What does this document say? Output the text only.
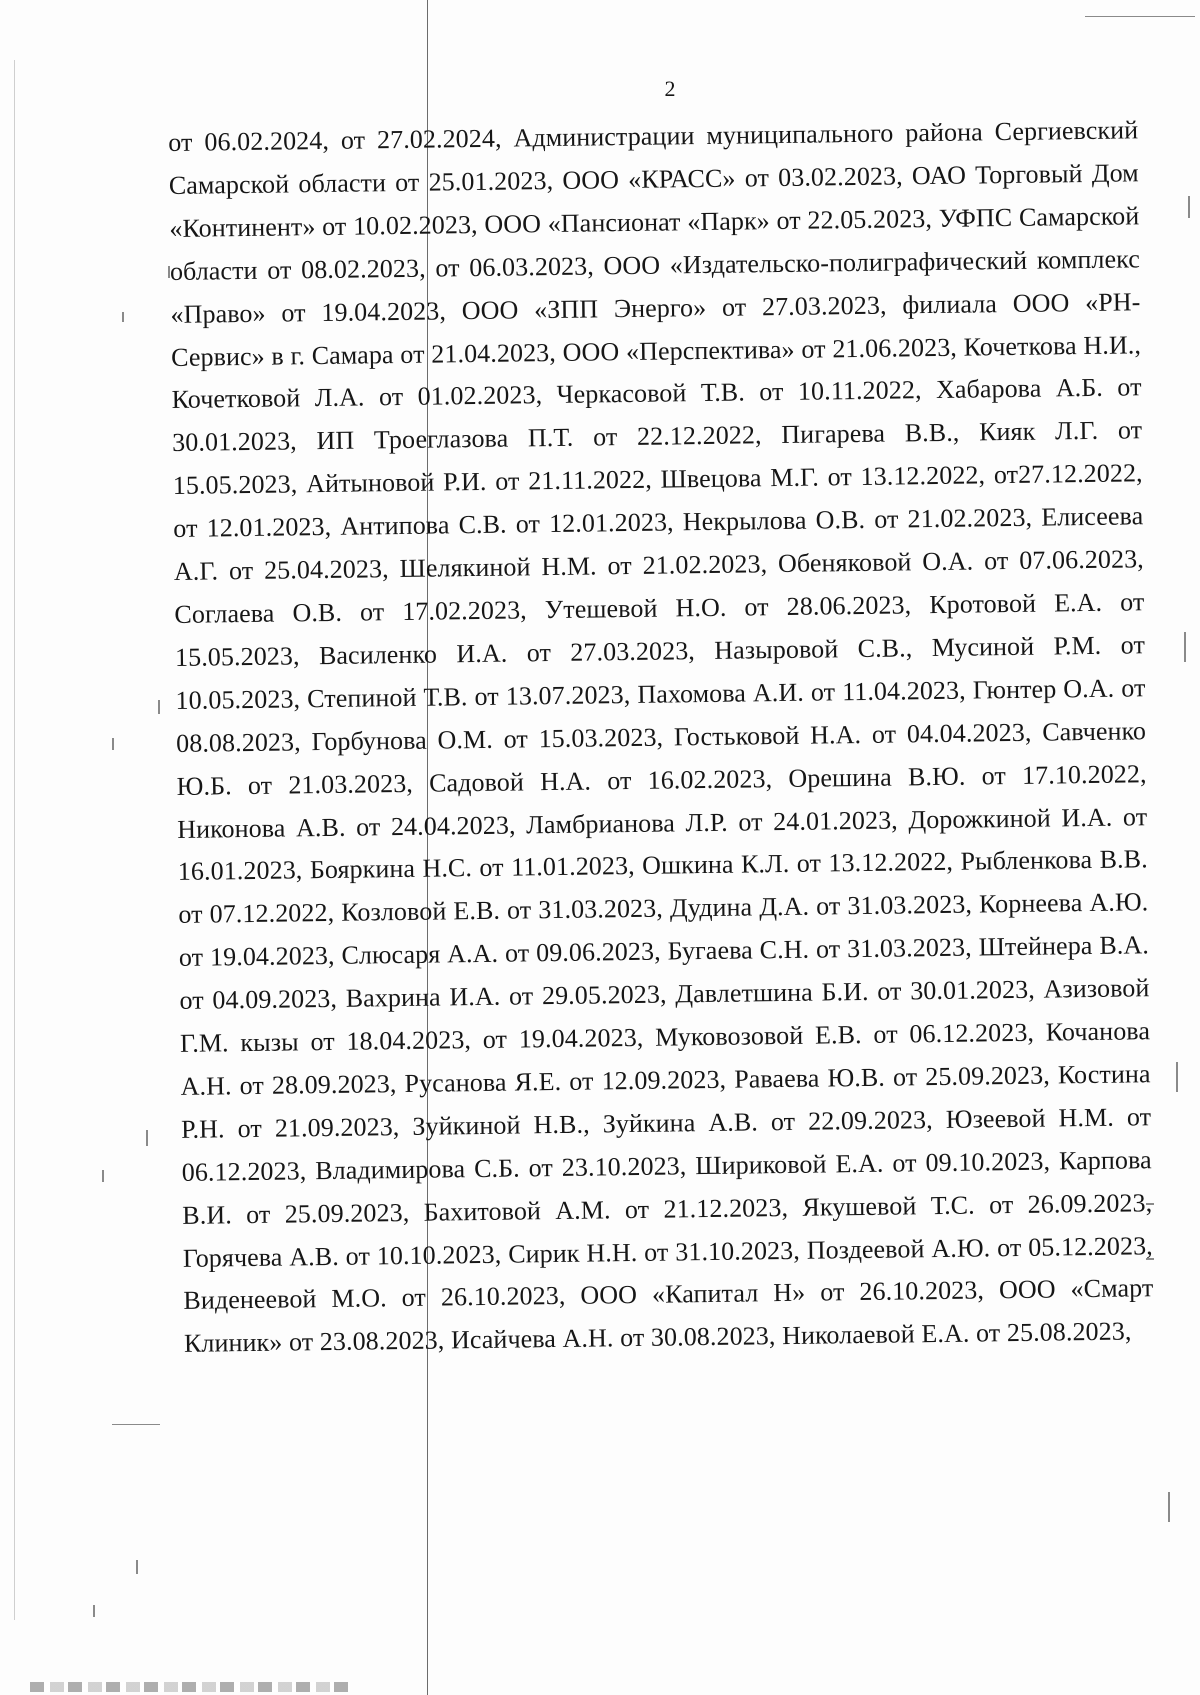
2

от 06.02.2024, от 27.02.2024, Администрации муниципального района Сергиевский Самарской области от 25.01.2023, ООО «КРАСС» от 03.02.2023, ОАО Торговый Дом «Континент» от 10.02.2023, ООО «Пансионат «Парк» от 22.05.2023, УФПС Самарской области от 08.02.2023, от 06.03.2023, ООО «Издательско-полиграфический комплекс «Право» от 19.04.2023, ООО «ЗПП Энерго» от 27.03.2023, филиала ООО «РН-Сервис» в г. Самара от 21.04.2023, ООО «Перспектива» от 21.06.2023, Кочеткова Н.И., Кочетковой Л.А. от 01.02.2023, Черкасовой Т.В. от 10.11.2022, Хабарова А.Б. от 30.01.2023, ИП Троеглазова П.Т. от 22.12.2022, Пигарева В.В., Кияк Л.Г. от 15.05.2023, Айтыновой Р.И. от 21.11.2022, Швецова М.Г. от 13.12.2022, от27.12.2022, от 12.01.2023, Антипова С.В. от 12.01.2023, Некрылова О.В. от 21.02.2023, Елисеева А.Г. от 25.04.2023, Шелякиной Н.М. от 21.02.2023, Обеняковой О.А. от 07.06.2023, Соглаева О.В. от 17.02.2023, Утешевой Н.О. от 28.06.2023, Кротовой Е.А. от 15.05.2023, Василенко И.А. от 27.03.2023, Назыровой С.В., Мусиной Р.М. от 10.05.2023, Степиной Т.В. от 13.07.2023, Пахомова А.И. от 11.04.2023, Гюнтер О.А. от 08.08.2023, Горбунова О.М. от 15.03.2023, Гостьковой Н.А. от 04.04.2023, Савченко Ю.Б. от 21.03.2023, Садовой Н.А. от 16.02.2023, Орешина В.Ю. от 17.10.2022, Никонова А.В. от 24.04.2023, Ламбрианова Л.Р. от 24.01.2023, Дорожкиной И.А. от 16.01.2023, Бояркина Н.С. от 11.01.2023, Ошкина К.Л. от 13.12.2022, Рыбленкова В.В. от 07.12.2022, Козловой Е.В. от 31.03.2023, Дудина Д.А. от 31.03.2023, Корнеева А.Ю. от 19.04.2023, Слюсаря А.А. от 09.06.2023, Бугаева С.Н. от 31.03.2023, Штейнера В.А. от 04.09.2023, Вахрина И.А. от 29.05.2023, Давлетшина Б.И. от 30.01.2023, Азизовой Г.М. кызы от 18.04.2023, от 19.04.2023, Муковозовой Е.В. от 06.12.2023, Кочанова А.Н. от 28.09.2023, Русанова Я.Е. от 12.09.2023, Раваева Ю.В. от 25.09.2023, Костина Р.Н. от 21.09.2023, Зуйкиной Н.В., Зуйкина А.В. от 22.09.2023, Юзеевой Н.М. от 06.12.2023, Владимирова С.Б. от 23.10.2023, Шириковой Е.А. от 09.10.2023, Карпова В.И. от 25.09.2023, Бахитовой А.М. от 21.12.2023, Якушевой Т.С. от 26.09.2023, Горячева А.В. от 10.10.2023, Сирик Н.Н. от 31.10.2023, Поздеевой А.Ю. от 05.12.2023, Виденеевой М.О. от 26.10.2023, ООО «Капитал Н» от 26.10.2023, ООО «Смарт Клиник» от 23.08.2023, Исайчева А.Н. от 30.08.2023, Николаевой Е.А. от 25.08.2023,
